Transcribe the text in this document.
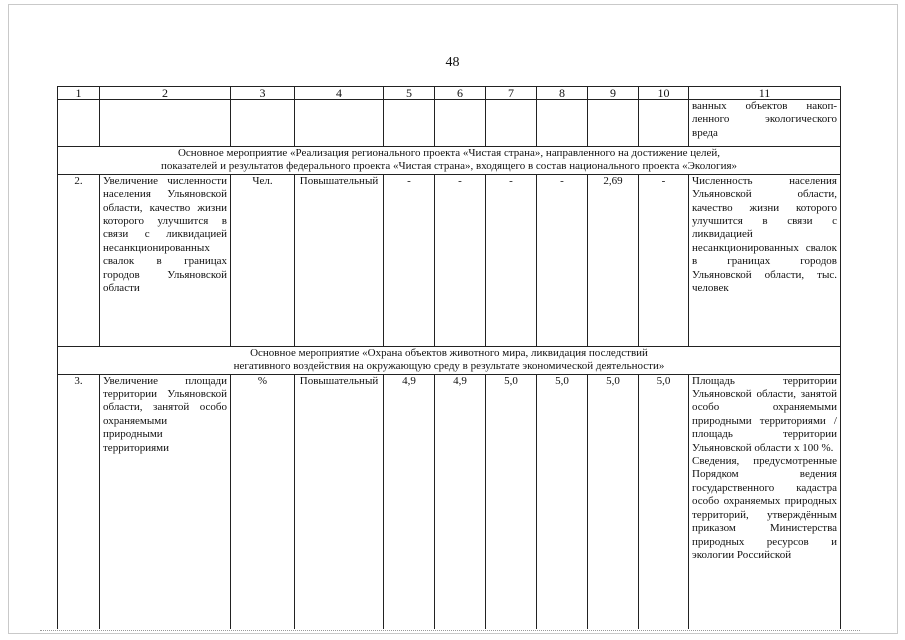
48
1	2	3	4	5	6	7	8	9	10	11

										ванных объектов накоп-
ленного экологического
вреда

Основное мероприятие «Реализация регионального проекта «Чистая страна», направленного на достижение целей,
показателей и результатов федерального проекта «Чистая страна», входящего в состав национального проекта «Экология»										

2.	Увеличение численности населения Ульяновской области, качество жизни которого улучшится в связи с ликвидацией несанкционированных свалок в границах городов Ульяновской области	Чел.	Повышательный	-	-	-	-	2,69	-	Численность населения Ульяновской области, качество жизни которого улучшится в связи с ликвидацией несанкционированных свалок в границах городов Ульяновской области, тыс. человек

Основное мероприятие «Охрана объектов животного мира, ликвидация последствий
негативного воздействия на окружающую среду в результате экономической деятельности»										

3.	Увеличение площади территории Ульяновской области, занятой особо охраняемыми природными территориями	%	Повышательный	4,9	4,9	5,0	5,0	5,0	5,0	Площадь территории Ульяновской области, занятой особо охраняемыми природными территориями / площадь территории Ульяновской области х 100 %.
Сведения, предусмотренные Порядком ведения государственного кадастра особо охраняемых природных территорий, утверждённым приказом Министерства природных ресурсов и экологии Российской
